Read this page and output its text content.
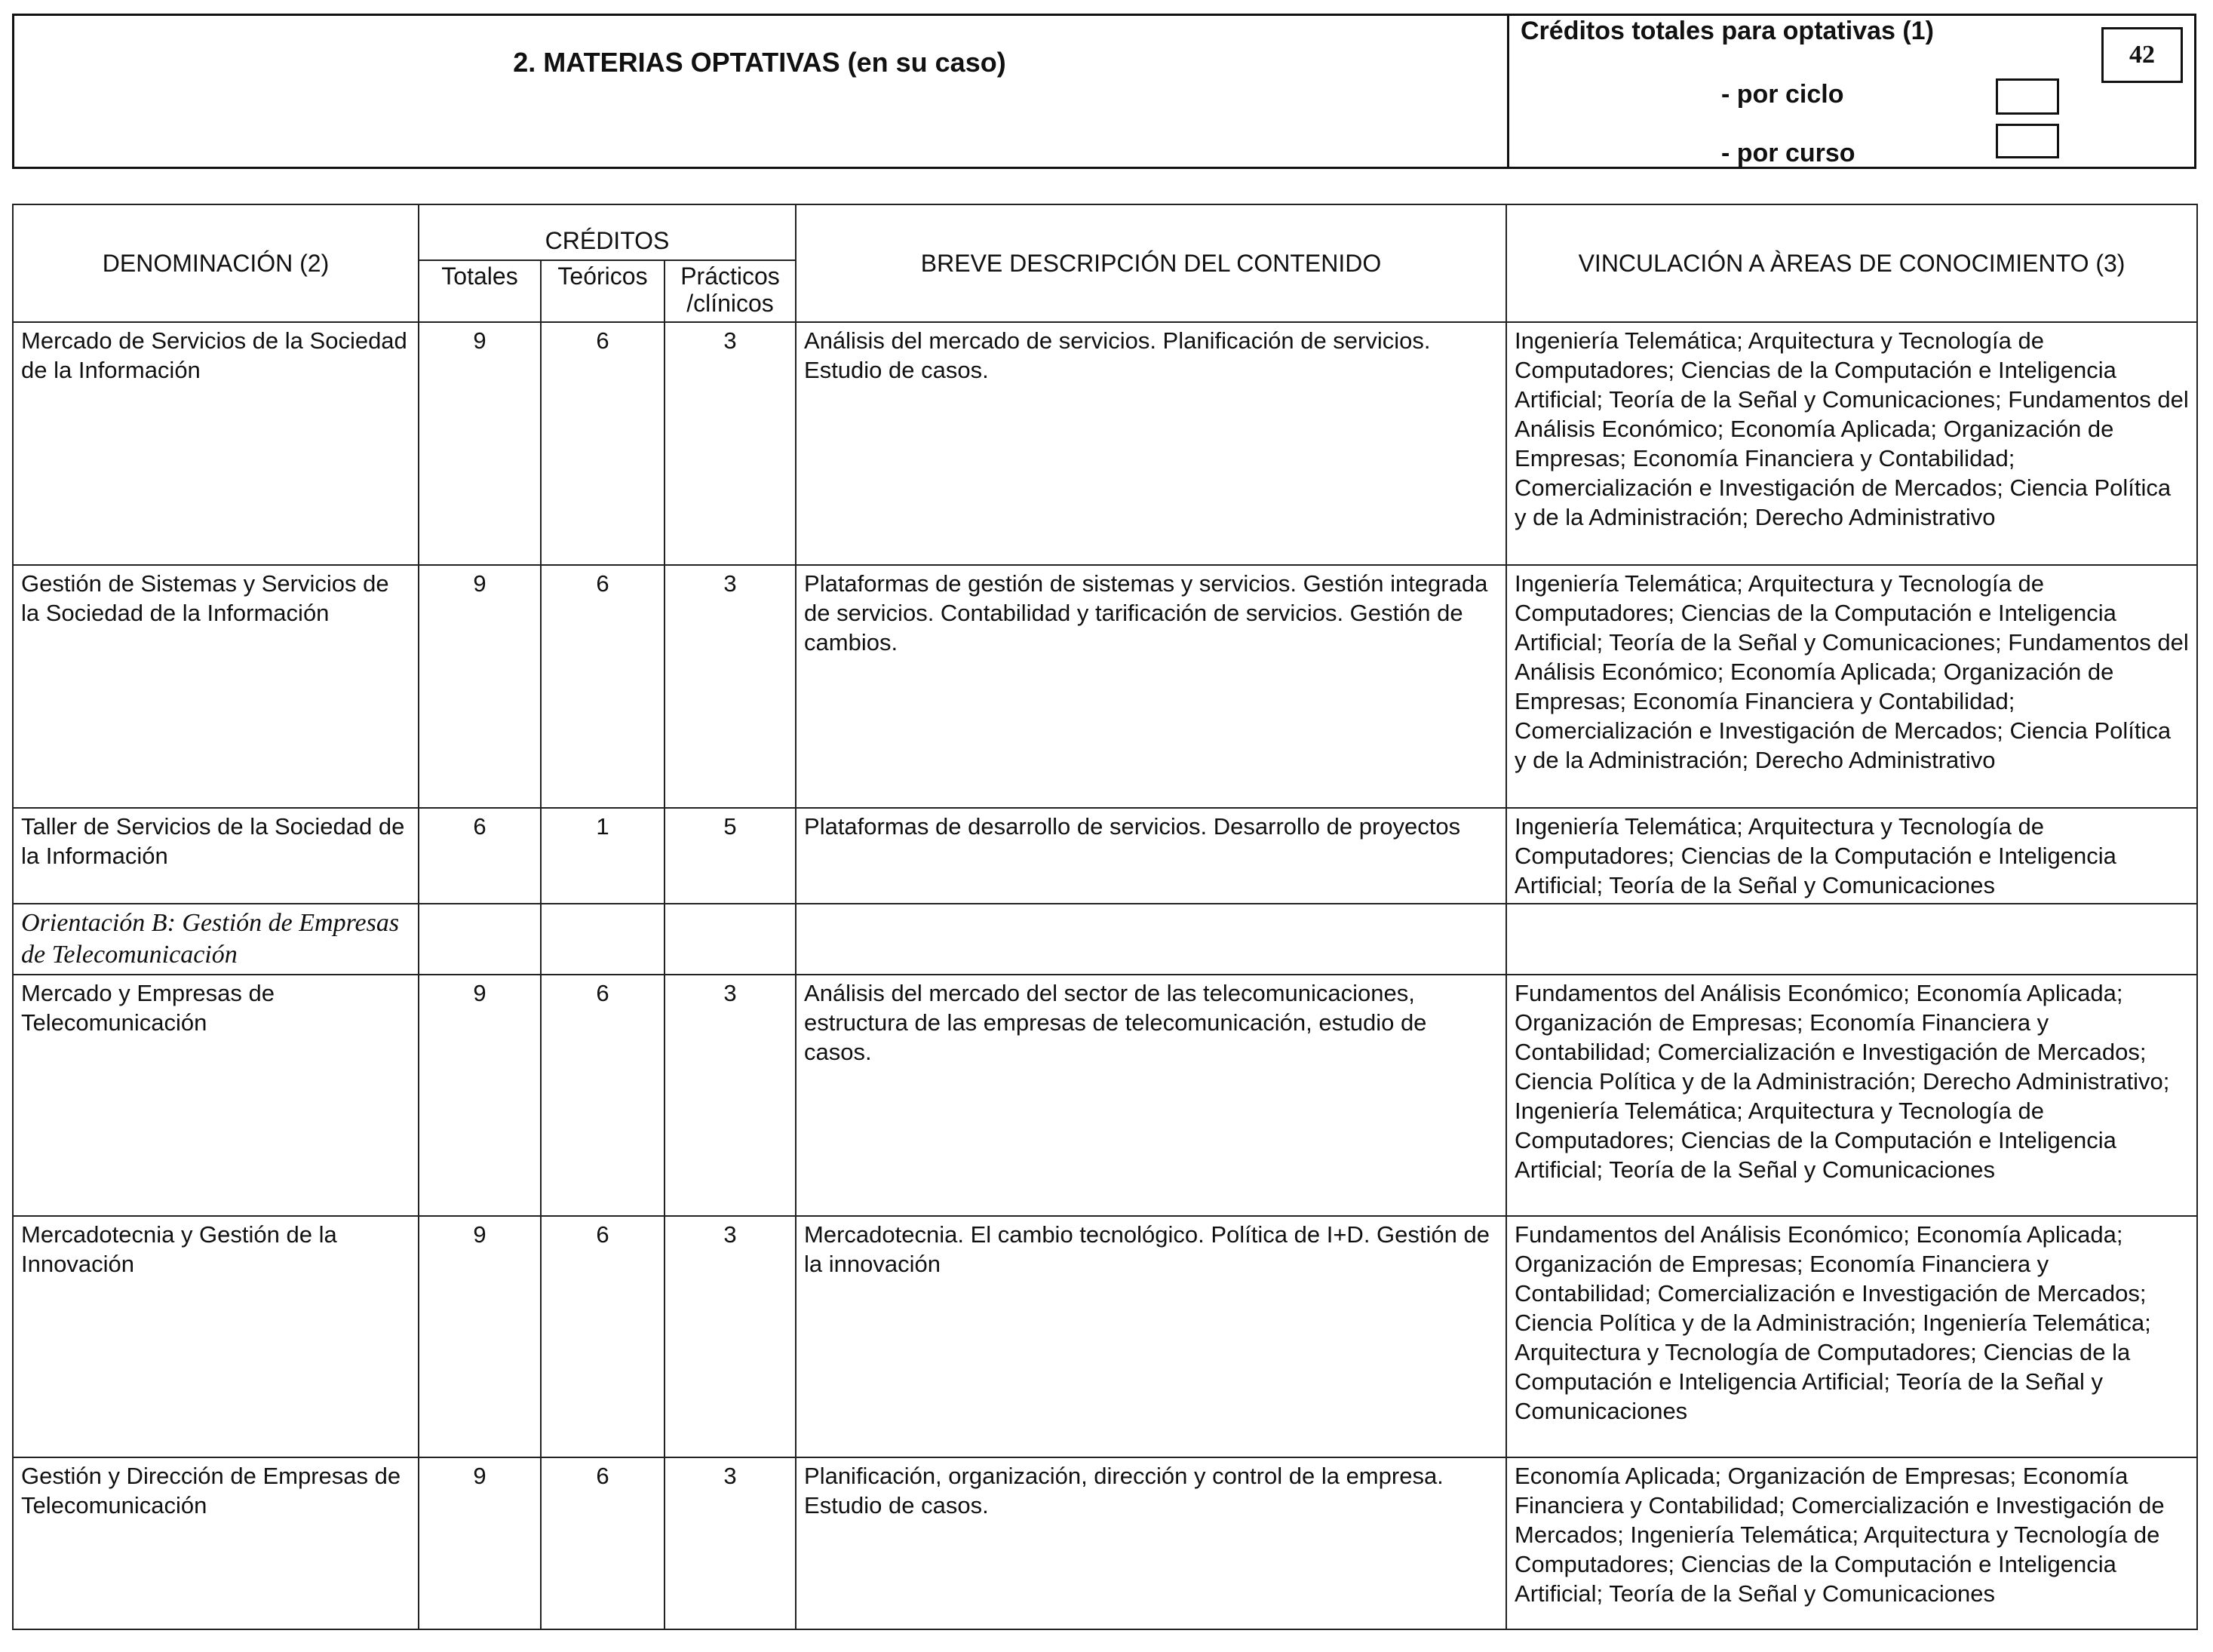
2. MATERIAS OPTATIVAS (en su caso)
Créditos totales para optativas (1)
42
- por ciclo
- por curso
DENOMINACIÓN (2)	CRÉDITOS			BREVE DESCRIPCIÓN DEL CONTENIDO	VINCULACIÓN A ÀREAS DE CONOCIMIENTO (3)
	Totales	Teóricos	Prácticos /clínicos		
Mercado de Servicios de la Sociedad de la Información	9	6	3	Análisis del mercado de servicios. Planificación de servicios. Estudio de casos.	Ingeniería Telemática; Arquitectura y Tecnología de Computadores; Ciencias de la Computación e Inteligencia Artificial; Teoría de la Señal y Comunicaciones; Fundamentos del Análisis Económico; Economía Aplicada; Organización de Empresas; Economía Financiera y Contabilidad; Comercialización e Investigación de Mercados; Ciencia Política y de la Administración; Derecho Administrativo
Gestión de Sistemas y Servicios de la Sociedad de la Información	9	6	3	Plataformas de gestión de sistemas y servicios. Gestión integrada de servicios. Contabilidad y tarificación de servicios. Gestión de cambios.	Ingeniería Telemática; Arquitectura y Tecnología de Computadores; Ciencias de la Computación e Inteligencia Artificial; Teoría de la Señal y Comunicaciones; Fundamentos del Análisis Económico; Economía Aplicada; Organización de Empresas; Economía Financiera y Contabilidad; Comercialización e Investigación de Mercados; Ciencia Política y de la Administración; Derecho Administrativo
Taller de Servicios de la Sociedad de la Información	6	1	5	Plataformas de desarrollo de servicios. Desarrollo de proyectos	Ingeniería Telemática; Arquitectura y Tecnología de Computadores; Ciencias de la Computación e Inteligencia Artificial; Teoría de la Señal y Comunicaciones
Orientación B: Gestión de Empresas de Telecomunicación					
Mercado y Empresas de Telecomunicación	9	6	3	Análisis del mercado del sector de las telecomunicaciones, estructura de las empresas de telecomunicación, estudio de casos.	Fundamentos del Análisis Económico; Economía Aplicada; Organización de Empresas; Economía Financiera y Contabilidad; Comercialización e Investigación de Mercados; Ciencia Política y de la Administración; Derecho Administrativo; Ingeniería Telemática; Arquitectura y Tecnología de Computadores; Ciencias de la Computación e Inteligencia Artificial; Teoría de la Señal y Comunicaciones
Mercadotecnia y Gestión de la Innovación	9	6	3	Mercadotecnia. El cambio tecnológico. Política de I+D. Gestión de la innovación	Fundamentos del Análisis Económico; Economía Aplicada; Organización de Empresas; Economía Financiera y Contabilidad; Comercialización e Investigación de Mercados; Ciencia Política y de la Administración; Ingeniería Telemática; Arquitectura y Tecnología de Computadores; Ciencias de la Computación e Inteligencia Artificial; Teoría de la Señal y Comunicaciones
Gestión y Dirección de Empresas de Telecomunicación	9	6	3	Planificación, organización, dirección y control de la empresa. Estudio de casos.	Economía Aplicada; Organización de Empresas; Economía Financiera y Contabilidad; Comercialización e Investigación de Mercados; Ingeniería Telemática; Arquitectura y Tecnología de Computadores; Ciencias de la Computación e Inteligencia Artificial; Teoría de la Señal y Comunicaciones
